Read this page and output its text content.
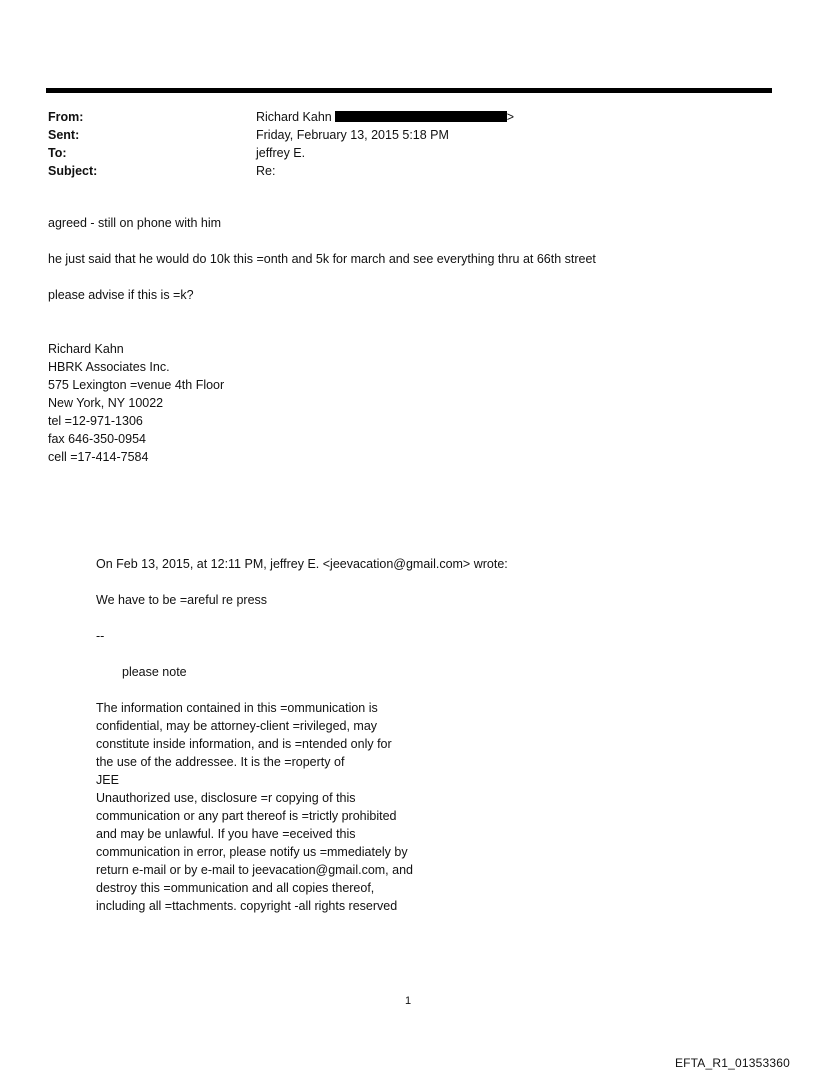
From:	Richard Kahn	>
Sent:	Friday, February 13, 2015 5:18 PM
To:	jeffrey E.
Subject:	Re:

agreed - still on phone with him

he just said that he would do 10k this =onth and 5k for march and see everything thru at 66th street

please advise if this is =k?

Richard Kahn

HBRK Associates Inc.

575 Lexington =venue 4th Floor

New York, NY 10022

tel =12-971-1306

fax 646-350-0954

cell =17-414-7584

On Feb 13, 2015, at 12:11 PM, jeffrey E. <jeevacation@gmail.com> wrote:

We have to be =areful re press

--

please note

The information contained in this =ommunication is

confidential, may be attorney-client =rivileged, may

constitute inside information, and is =ntended only for

the use of the addressee. It is the =roperty of

JEE

Unauthorized use, disclosure =r copying of this

communication or any part thereof is =trictly prohibited

and may be unlawful. If you have =eceived this

communication in error, please notify us =mmediately by

return e-mail or by e-mail to jeevacation@gmail.com, and

destroy this =ommunication and all copies thereof,

including all =ttachments. copyright -all rights reserved

1
EFTA_R1_01353360
